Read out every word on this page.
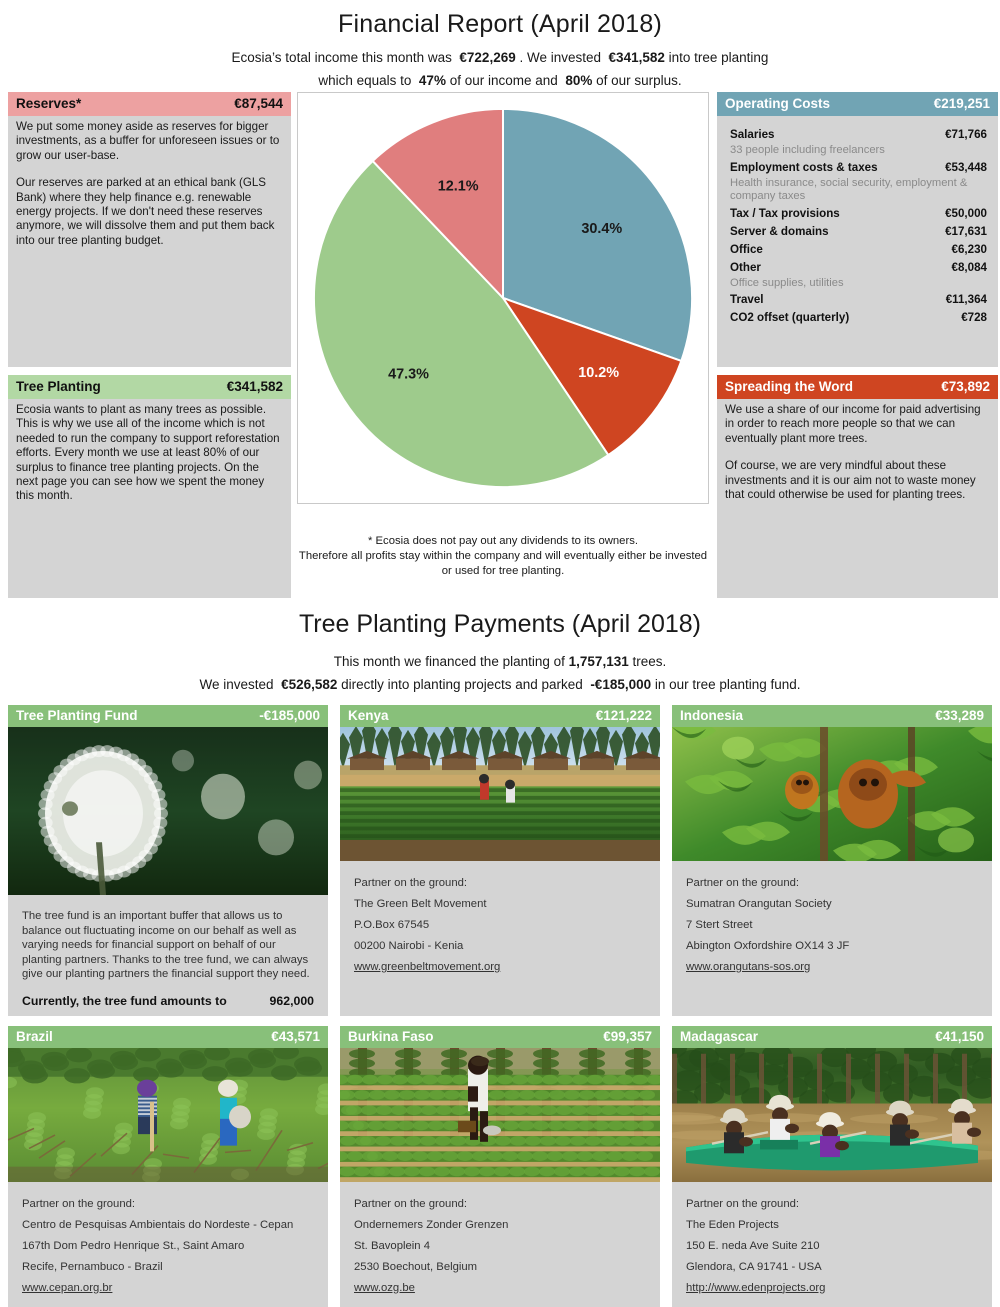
Financial Report (April 2018)
Ecosia’s total income this month was €722,269 . We invested €341,582 into tree planting
which equals to 47% of our income and 80% of our surplus.
Reserves*	€87,544

We put some money aside as reserves for bigger investments, as a buffer for unforeseen issues or to grow our user-base.

Our reserves are parked at an ethical bank (GLS Bank) where they help finance e.g. renewable energy projects. If we don't need these reserves anymore, we will dissolve them and put them back into our tree planting budget.

Tree Planting	€341,582

Ecosia wants to plant as many trees as possible. This is why we use all of the income which is not needed to run the company to support reforestation efforts. Every month we use at least 80% of our surplus to finance tree planting projects. On the next page you can see how we spent the money this month.

30.4%
10.2%
47.3%
12.1%
* Ecosia does not pay out any dividends to its owners.
Therefore all profits stay within the company and will eventually either be invested
or used for tree planting.
Operating Costs	€219,251
Salaries	€71,766
33 people including freelancers
Employment costs & taxes	€53,448
Health insurance, social security, employment & company taxes
Tax / Tax provisions	€50,000
Server & domains	€17,631
Office	€6,230
Other	€8,084
Office supplies, utilities
Travel	€11,364
CO2 offset (quarterly)	€728
Spreading the Word	€73,892

We use a share of our income for paid advertising in order to reach more people so that we can eventually plant more trees.

Of course, we are very mindful about these investments and it is our aim not to waste money that could otherwise be used for planting trees.

Tree Planting Payments (April 2018)
This month we financed the planting of 1,757,131 trees.
We invested €526,582 directly into planting projects and parked -€185,000 in our tree planting fund.
Tree Planting Fund	-€185,000
The tree fund is an important buffer that allows us to balance out fluctuating income on our behalf as well as varying needs for financial support on behalf of our planting partners. Thanks to the tree fund, we can always give our planting partners the financial support they need.
Currently, the tree fund amounts to	962,000
Kenya	€121,222
Partner on the ground:
The Green Belt Movement
P.O.Box 67545
00200 Nairobi - Kenia
www.greenbeltmovement.org
Indonesia	€33,289
Partner on the ground:
Sumatran Orangutan Society
7 Stert Street
Abington Oxfordshire OX14 3 JF
www.orangutans-sos.org
Brazil	€43,571
Partner on the ground:
Centro de Pesquisas Ambientais do Nordeste - Cepan
167th Dom Pedro Henrique St., Saint Amaro
Recife, Pernambuco - Brazil
www.cepan.org.br
Burkina Faso	€99,357
Partner on the ground:
Ondernemers Zonder Grenzen
St. Bavoplein 4
2530 Boechout, Belgium
www.ozg.be
Madagascar	€41,150
Partner on the ground:
The Eden Projects
150 E. neda Ave Suite 210
Glendora, CA 91741 - USA
http://www.edenprojects.org
